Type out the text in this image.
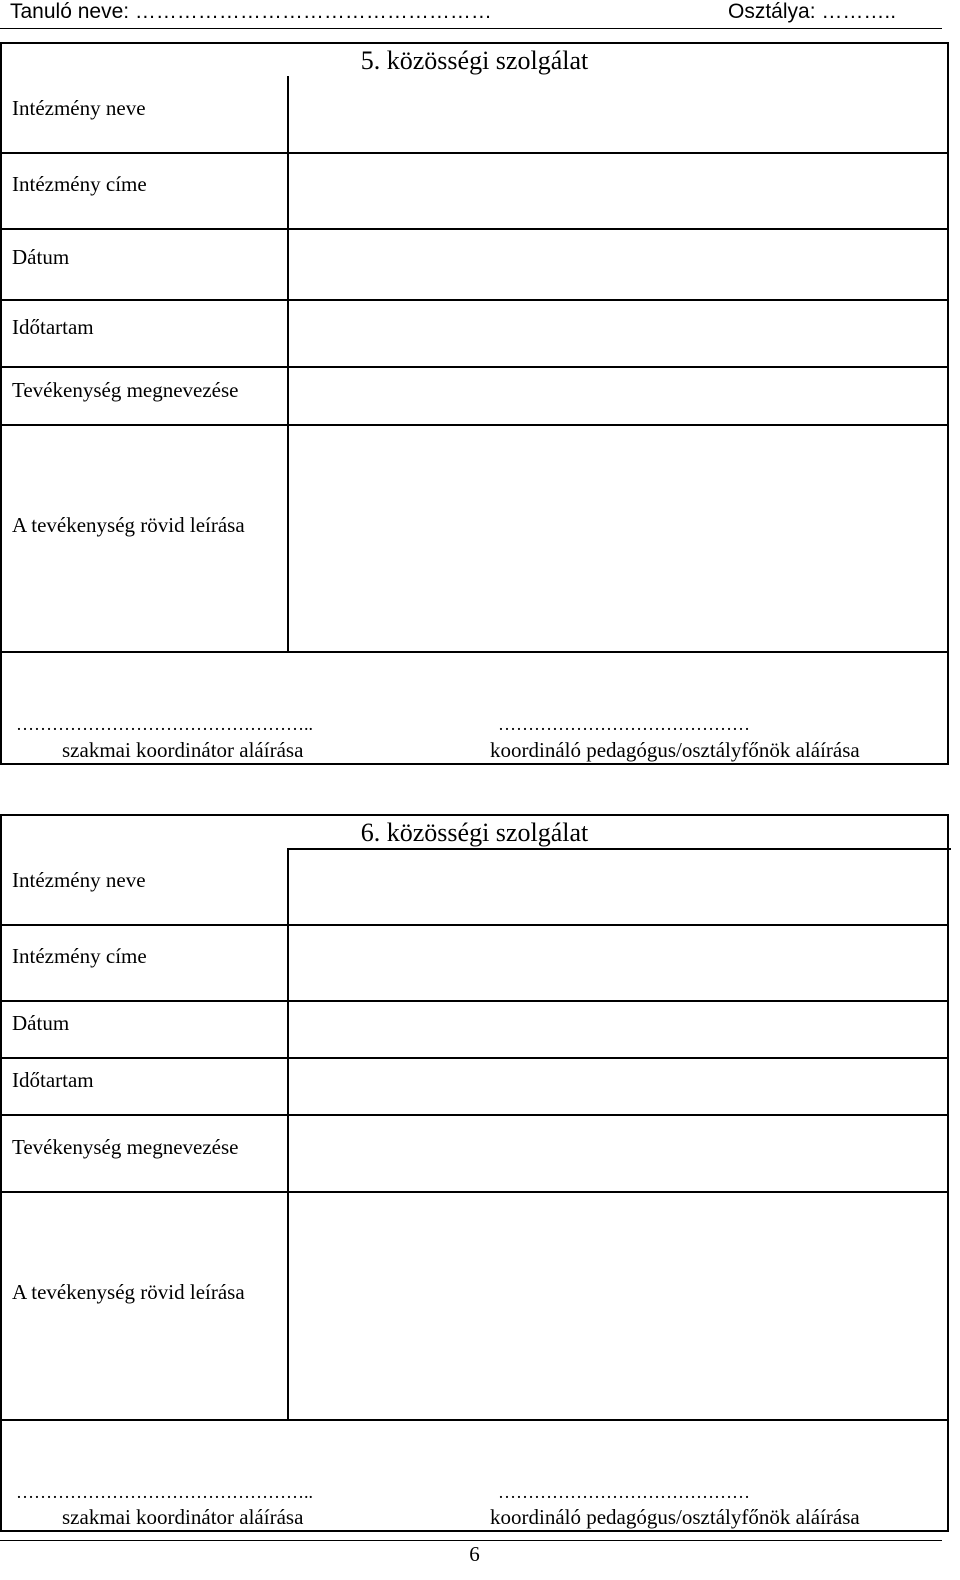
Tanuló neve: ……………………………………………	Osztálya: ………..
5. közösségi szolgálat
Intézmény neve
Intézmény címe
Dátum
Időtartam
Tevékenység megnevezése
A tevékenység rövid leírása
…………………………………………..
szakmai koordinátor aláírása
……………………………………
koordináló pedagógus/osztályfőnök aláírása
6. közösségi szolgálat
Intézmény neve
Intézmény címe
Dátum
Időtartam
Tevékenység megnevezése
A tevékenység rövid leírása
…………………………………………..
szakmai koordinátor aláírása
……………………………………
koordináló pedagógus/osztályfőnök aláírása
6
